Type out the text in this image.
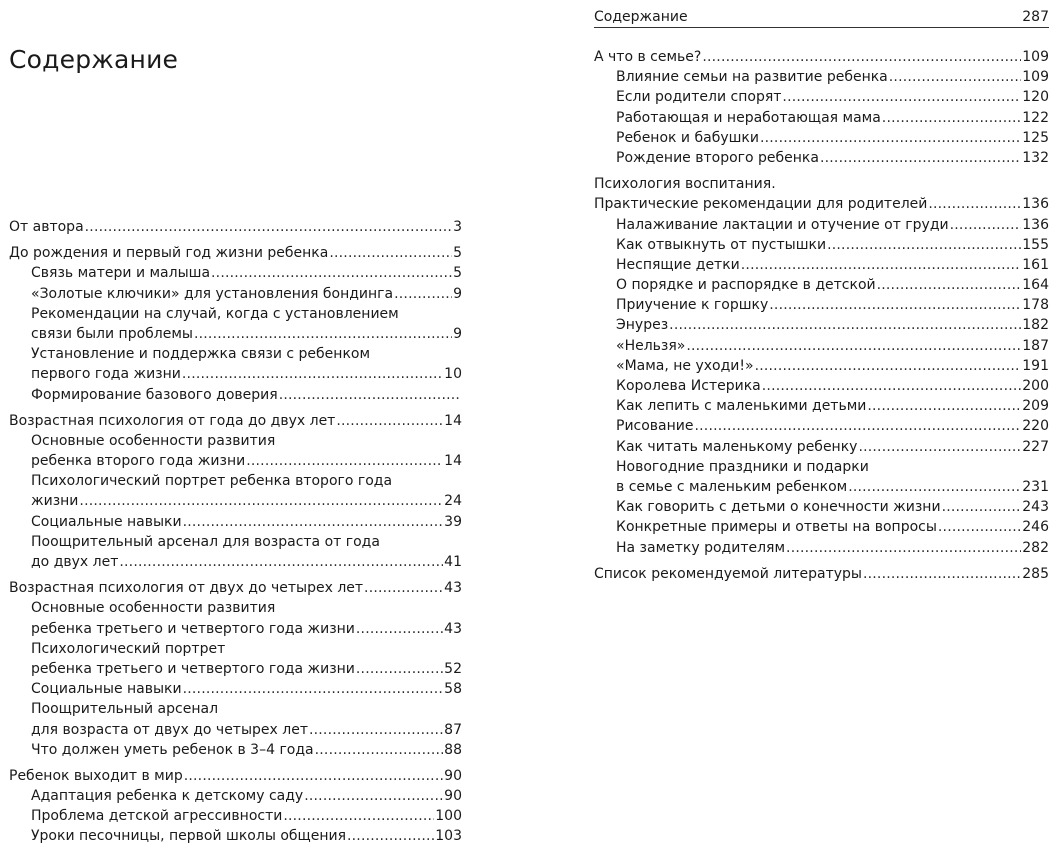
Содержание
От автора .....	3
До рождения и первый год жизни ребенка .....	5
Связь матери и малыша .....	5
«Золотые ключики» для установления бондинга .....	9
Рекомендации на случай, когда с установлением
связи были проблемы .....	9
Установление и поддержка связи с ребенком
первого года жизни .....	10
Формирование базового доверия
.....
Возрастная психология от года до двух лет .....	14
Основные особенности развития
ребенка второго года жизни .....	14
Психологический портрет ребенка второго года
жизни .....	24
Социальные навыки .....	39
Поощрительный арсенал для возраста от года
до двух лет .....	41
Возрастная психология от двух до четырех лет .....	43
Основные особенности развития
ребенка третьего и четвертого года жизни .....	43
Психологический портрет
ребенка третьего и четвертого года жизни .....	52
Социальные навыки .....	58
Поощрительный арсенал
для возраста от двух до четырех лет .....	87
Что должен уметь ребенок в 3–4 года .....	88
Ребенок выходит в мир .....	90
Адаптация ребенка к детскому саду .....	90
Проблема детской агрессивности .....	100
Уроки песочницы, первой школы общения .....	103
Содержание	287
А что в семье? .....	109
Влияние семьи на развитие ребенка .....	109
Если родители спорят .....	120
Работающая и неработающая мама .....	122
Ребенок и бабушки .....	125
Рождение второго ребенка .....	132
Психология воспитания.
Практические рекомендации для родителей .....	136
Налаживание лактации и отучение от груди .....	136
Как отвыкнуть от пустышки .....	155
Неспящие детки .....	161
О порядке и распорядке в детской .....	164
Приучение к горшку .....	178
Энурез .....	182
«Нельзя» .....	187
«Мама, не уходи!» .....	191
Королева Истерика .....	200
Как лепить с маленькими детьми .....	209
Рисование .....	220
Как читать маленькому ребенку .....	227
Новогодние праздники и подарки
в семье с маленьким ребенком .....	231
Как говорить с детьми о конечности жизни .....	243
Конкретные примеры и ответы на вопросы .....	246
На заметку родителям .....	282
Список рекомендуемой литературы .....	285
